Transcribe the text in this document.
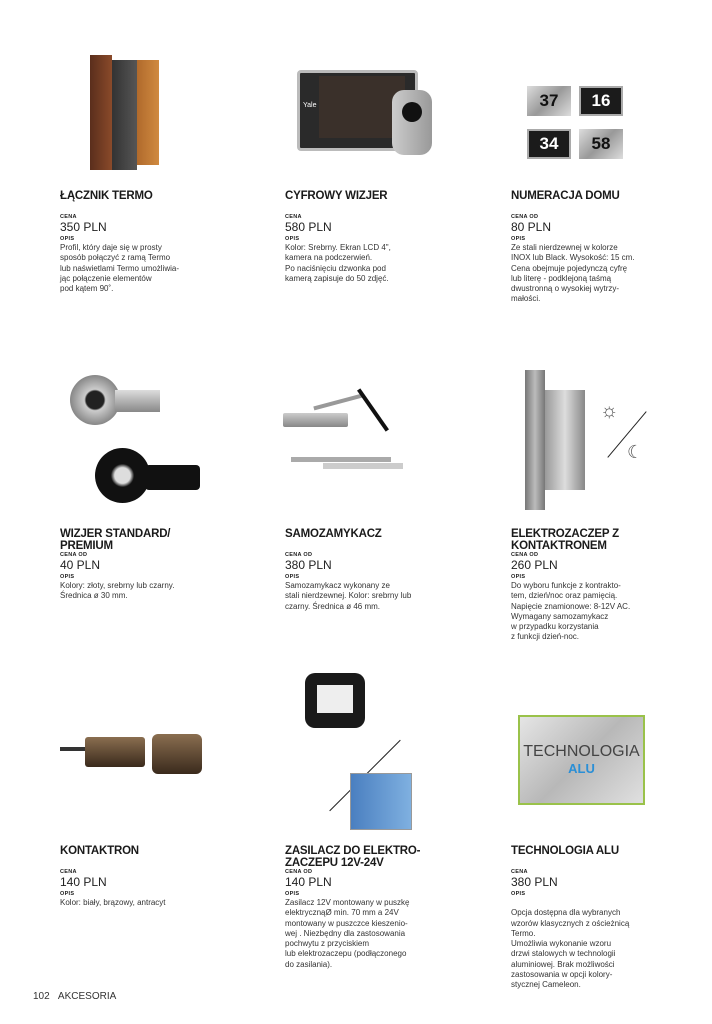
Yale	37	16
34	58
☼
☾
TECHNOLOGIA
ALU
ŁĄCZNIK TERMO
CENA
350 PLN
OPIS
Profil, który daje się w prosty
sposób połączyć z ramą Termo
lub naświetlami Termo umożliwia-
jąc połączenie elementów
pod kątem 90˚.
CYFROWY WIZJER
CENA
580 PLN
OPIS
Kolor: Srebrny. Ekran LCD 4",
kamera na podczerwień.
Po naciśnięciu dzwonka pod
kamerą zapisuje do 50 zdjęć.
NUMERACJA DOMU
CENA OD
80 PLN
OPIS
Ze stali nierdzewnej w kolorze
INOX lub Black. Wysokość: 15 cm.
Cena obejmuje pojedynczą cyfrę
lub literę - podklejoną taśmą
dwustronną o wysokiej wytrzy-
małości.
WIZJER STANDARD/
PREMIUM
CENA OD
40 PLN
OPIS
Kolory: złoty, srebrny lub czarny.
Średnica ø 30 mm.
SAMOZAMYKACZ
CENA OD
380 PLN
OPIS
Samozamykacz wykonany ze
stali nierdzewnej. Kolor: srebrny lub
czarny. Średnica ø 46 mm.
ELEKTROZACZEP Z
KONTAKTRONEM
CENA OD
260 PLN
OPIS
Do wyboru funkcje z kontrakto-
tem, dzień/noc oraz pamięcią.
Napięcie znamionowe: 8-12V AC.
Wymagany samozamykacz
w przypadku korzystania
z funkcji dzień-noc.
KONTAKTRON
CENA
140 PLN
OPIS
Kolor: biały, brązowy, antracyt
ZASILACZ DO ELEKTRO-
ZACZEPU 12V-24V
CENA OD
140 PLN
OPIS
Zasilacz 12V montowany w puszkę
elektrycznąØ min. 70 mm a 24V
montowany w puszczce kieszenio-
wej . Niezbędny dla zastosowania
pochwytu z przyciskiem
lub elektrozaczepu (podłączonego
do zasilania).
TECHNOLOGIA ALU
CENA
380 PLN
OPIS

Opcja dostępna dla wybranych
wzorów klasycznych z ościeżnicą
Termo.
Umożliwia wykonanie wzoru
drzwi stalowych w technologii
aluminiowej. Brak możliwości
zastosowania w opcji kolory-
stycznej Cameleon.
102 AKCESORIA
